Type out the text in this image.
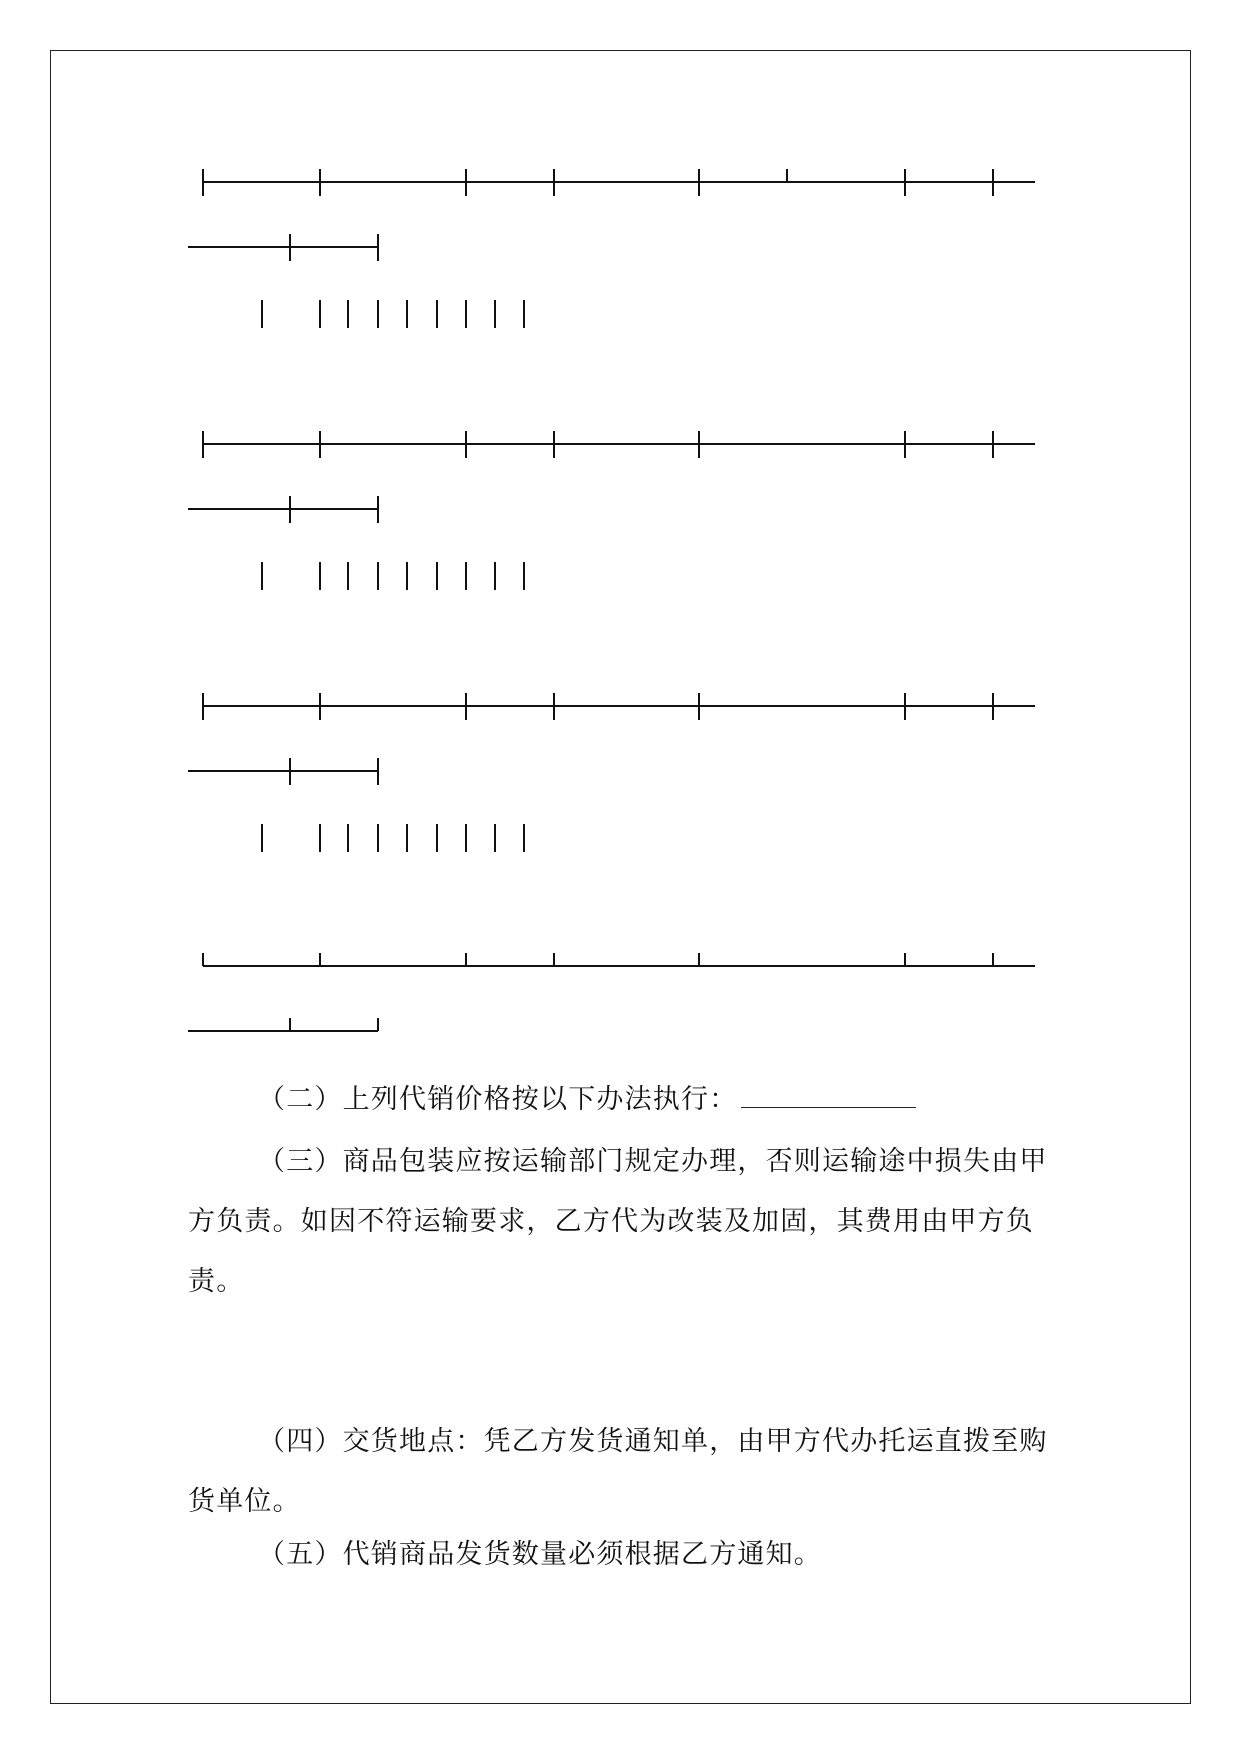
（二）上列代销价格按以下办法执行：

（三）商品包装应按运输部门规定办理，否则运输途中损失由甲方负责。如因不符运输要求，乙方代为改装及加固，其费用由甲方负责。

（四）交货地点：凭乙方发货通知单，由甲方代办托运直拨至购货单位。

（五）代销商品发货数量必须根据乙方通知。
